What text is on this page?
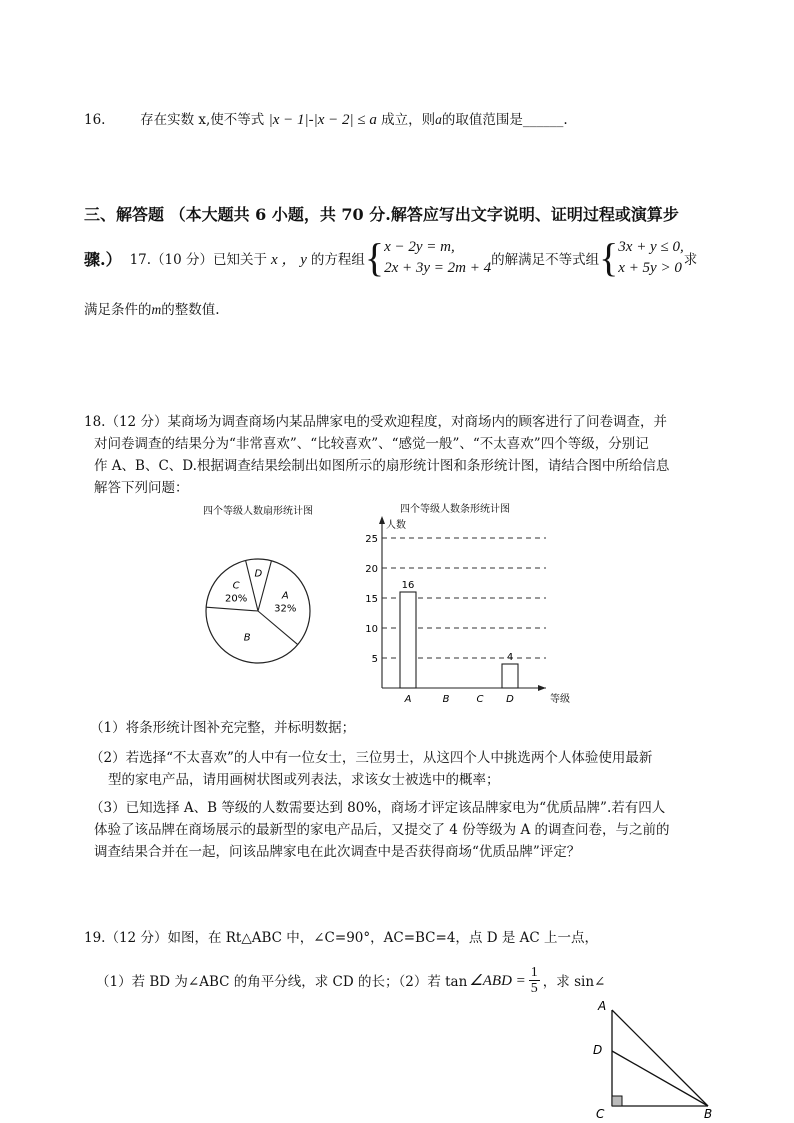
16.	存在实数 x,使不等式 |x − 1|-|x − 2| ≤ a 成立，则a的取值范围是______.
三、解答题 （本大题共 6 小题，共 70 分.解答应写出文字说明、证明过程或演算步
骤.） 17.（10 分）已知关于 x ， y 的方程组 { x − 2y = m,
2x + 3y = 2m + 4 的解满足不等式组 { 3x + y ≤ 0,
x + 5y > 0 求
满足条件的m的整数值.
18.（12 分）某商场为调查商场内某品牌家电的受欢迎程度，对商场内的顾客进行了问卷调查，并
对问卷调查的结果分为“非常喜欢”、“比较喜欢”、“感觉一般”、“不太喜欢”四个等级，分别记
作 A、B、C、D.根据调查结果绘制出如图所示的扇形统计图和条形统计图，请结合图中所给信息
解答下列问题：
四个等级人数扇形统计图
A
32%
B
C
20%
D
四个等级人数条形统计图
人数
等级
5
10
15
20
25
A
16
B	C D
4
（1）将条形统计图补充完整，并标明数据；
（2）若选择“不太喜欢”的人中有一位女士，三位男士，从这四个人中挑选两个人体验使用最新
型的家电产品，请用画树状图或列表法，求该女士被选中的概率；
（3）已知选择 A、B 等级的人数需要达到 80%，商场才评定该品牌家电为“优质品牌”.若有四人
体验了该品牌在商场展示的最新型的家电产品后，又提交了 4 份等级为 A 的调查问卷，与之前的
调查结果合并在一起，问该品牌家电在此次调查中是否获得商场“优质品牌”评定？
19.（12 分）如图，在 Rt△ABC 中，∠C=90°，AC=BC=4，点 D 是 AC 上一点，
（1）若 BD 为∠ABC 的角平分线，求 CD 的长；（2）若 tan ∠ABD = $\frac{1}{5}$ ，求 sin∠
A
D
C	B
